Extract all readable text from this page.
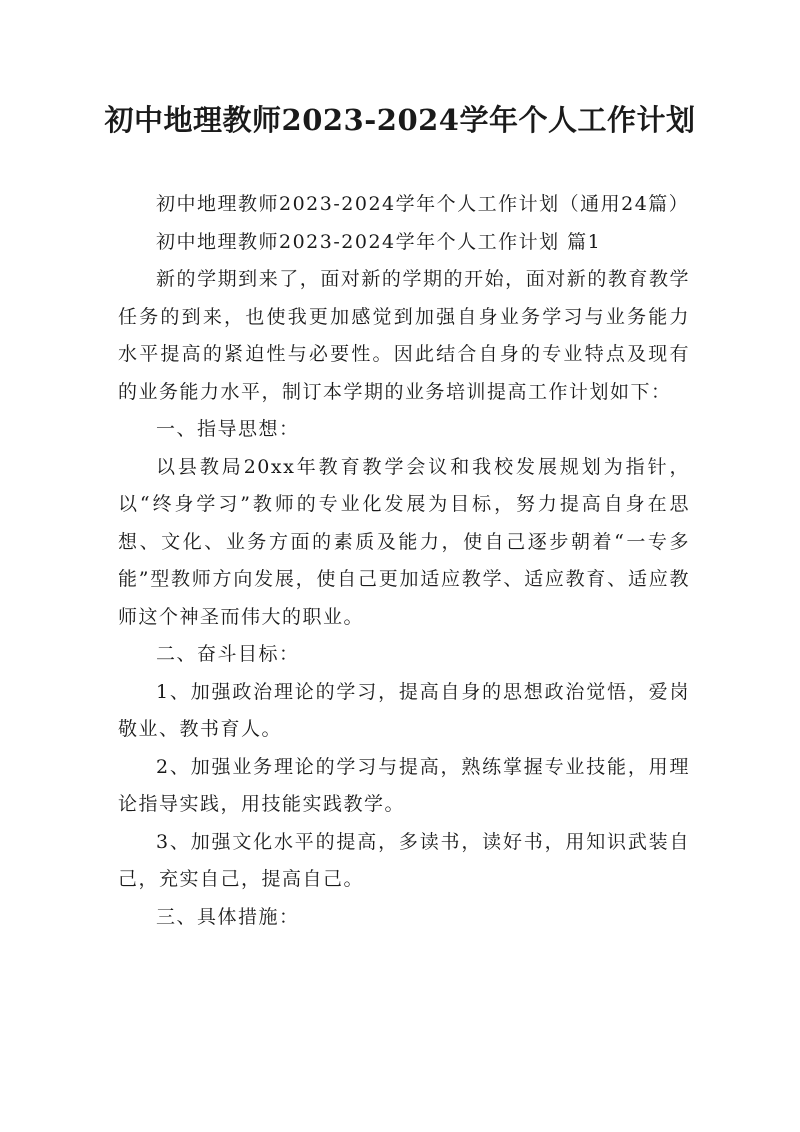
初中地理教师2023-2024学年个人工作计划

初中地理教师2023-2024学年个人工作计划（通用24篇）

初中地理教师2023-2024学年个人工作计划 篇1

新的学期到来了，面对新的学期的开始，面对新的教育教学任务的到来，也使我更加感觉到加强自身业务学习与业务能力水平提高的紧迫性与必要性。因此结合自身的专业特点及现有的业务能力水平，制订本学期的业务培训提高工作计划如下：

一、指导思想：

以县教局20xx年教育教学会议和我校发展规划为指针，以“终身学习”教师的专业化发展为目标，努力提高自身在思想、文化、业务方面的素质及能力，使自己逐步朝着“一专多能”型教师方向发展，使自己更加适应教学、适应教育、适应教师这个神圣而伟大的职业。

二、奋斗目标：

1、加强政治理论的学习，提高自身的思想政治觉悟，爱岗敬业、教书育人。

2、加强业务理论的学习与提高，熟练掌握专业技能，用理论指导实践，用技能实践教学。

3、加强文化水平的提高，多读书，读好书，用知识武装自己，充实自己，提高自己。

三、具体措施：
